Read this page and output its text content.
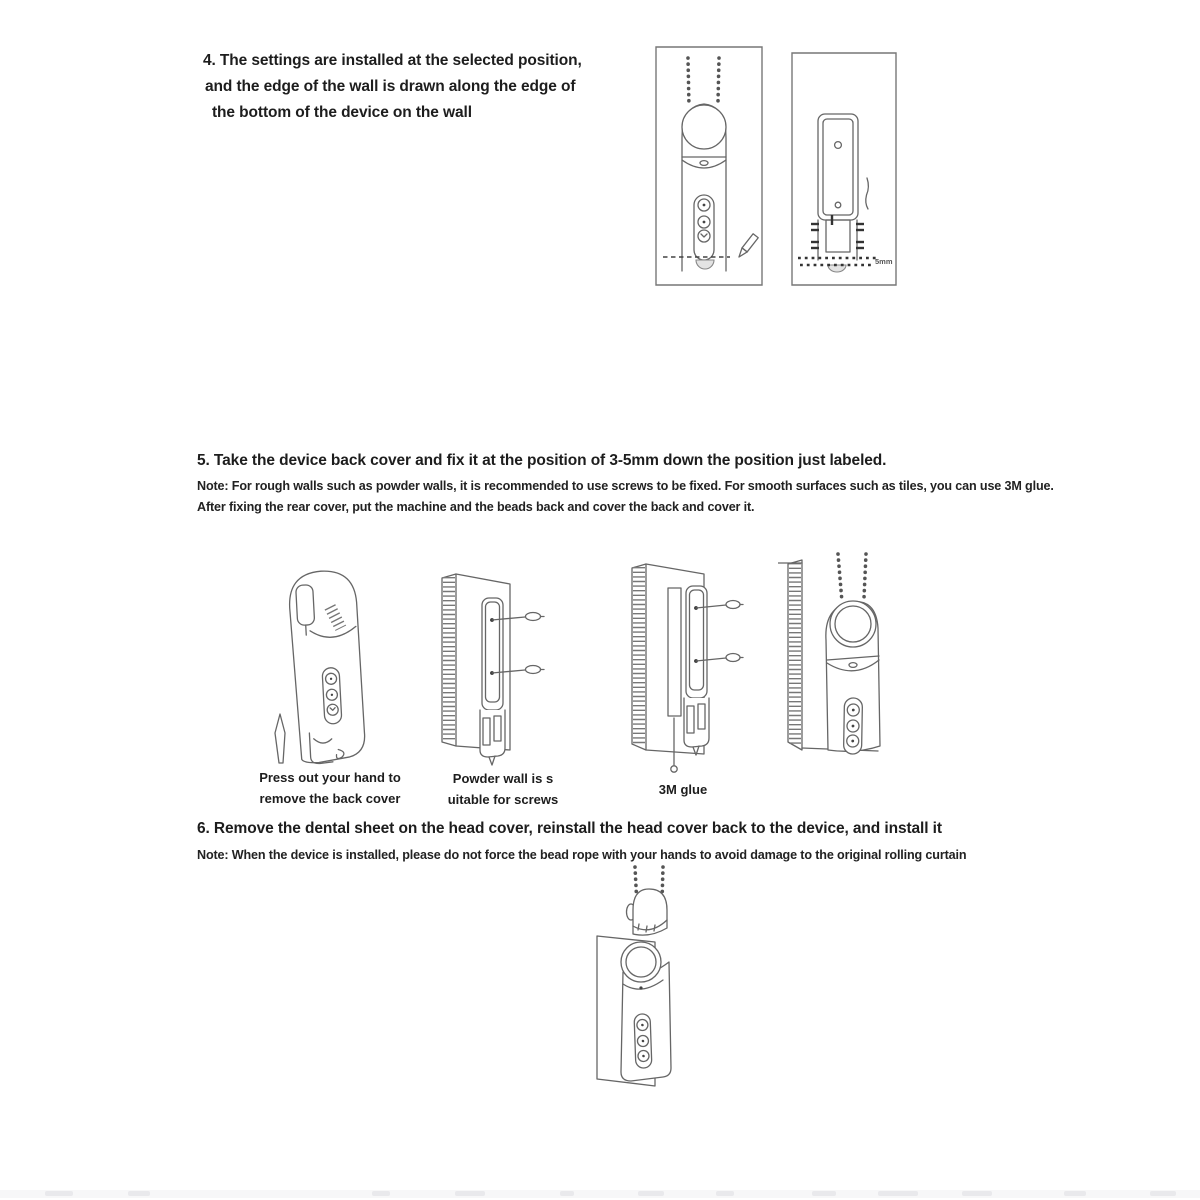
4. The settings are installed at the selected position,
and the edge of the wall is drawn along the edge of
the bottom of the device on the wall
5mm
5. Take the device back cover and fix it at the position of 3-5mm down the position just labeled.
Note: For rough walls such as powder walls, it is recommended to use screws to be fixed. For smooth surfaces such as tiles, you can use 3M glue.
After fixing the rear cover, put the machine and the beads back and cover the back and cover it.
Press out your hand to
remove the back cover
Powder wall is s
uitable for screws
3M glue
6. Remove the dental sheet on the head cover, reinstall the head cover back to the device, and install it
Note: When the device is installed, please do not force the bead rope with your hands to avoid damage to the original rolling curtain
